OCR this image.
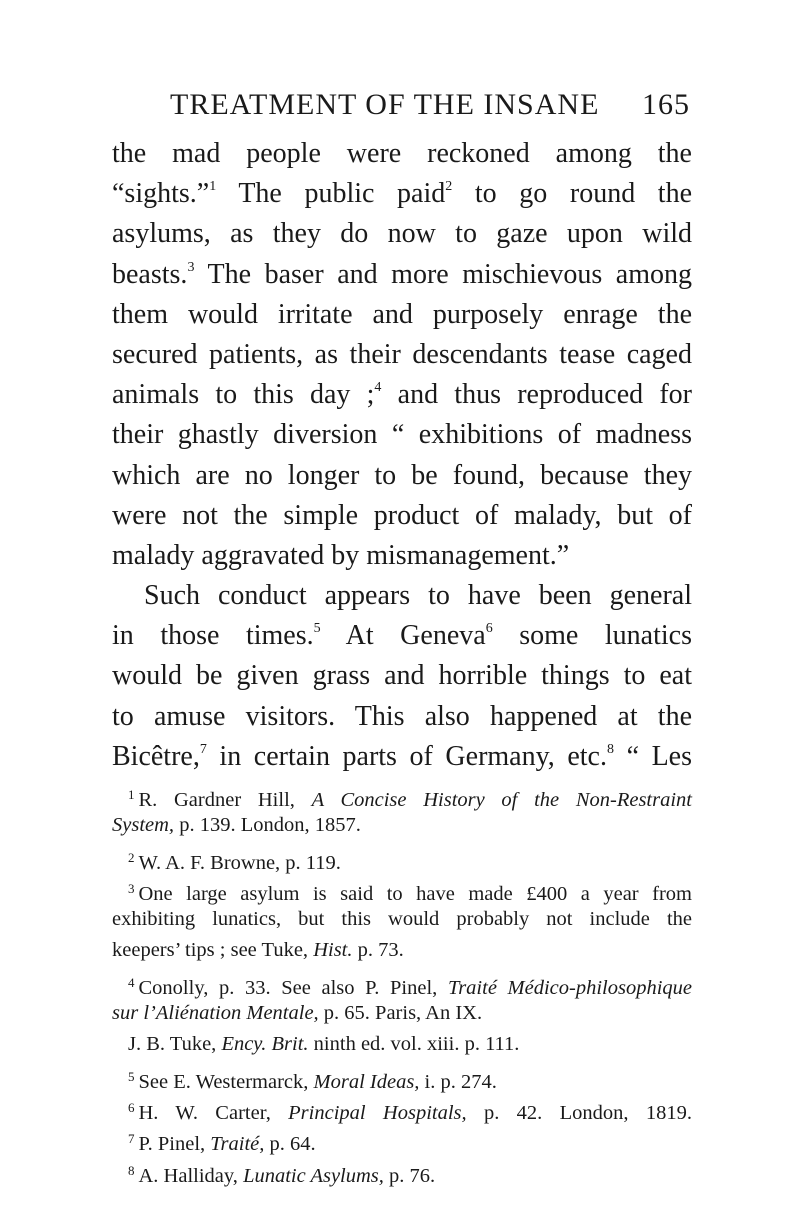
TREATMENT OF THE INSANE 165
the mad people were reckoned among the
“sights.”$^1$ The public paid$^2$ to go round the
asylums, as they do now to gaze upon wild
beasts.$^3$ The baser and more mischievous among
them would irritate and purposely enrage the
secured patients, as their descendants tease caged
animals to this day ;$^4$ and thus reproduced for
their ghastly diversion “ exhibitions of madness
which are no longer to be found, because they
were not the simple product of malady, but of
malady aggravated by mismanagement.”
Such conduct appears to have been general
in those times.$^5$ At Geneva$^6$ some lunatics
would be given grass and horrible things to eat
to amuse visitors. This also happened at the
Bicêtre,$^7$ in certain parts of Germany, etc.$^8$ “ Les
$^1$ R. Gardner Hill, A Concise History of the Non-Restraint
System, p. 139. London, 1857.
$^2$ W. A. F. Browne, p. 119.
$^3$ One large asylum is said to have made £400 a year from
exhibiting lunatics, but this would probably not include the
keepers’ tips ; see Tuke, Hist. p. 73.
$^4$ Conolly, p. 33. See also P. Pinel, Traité Médico-philosophique
sur l’Aliénation Mentale, p. 65. Paris, An IX.
J. B. Tuke, Ency. Brit. ninth ed. vol. xiii. p. 111.
$^5$ See E. Westermarck, Moral Ideas, i. p. 274.
$^6$ H. W. Carter, Principal Hospitals, p. 42. London, 1819.
$^7$ P. Pinel, Traité, p. 64.
$^8$ A. Halliday, Lunatic Asylums, p. 76.
